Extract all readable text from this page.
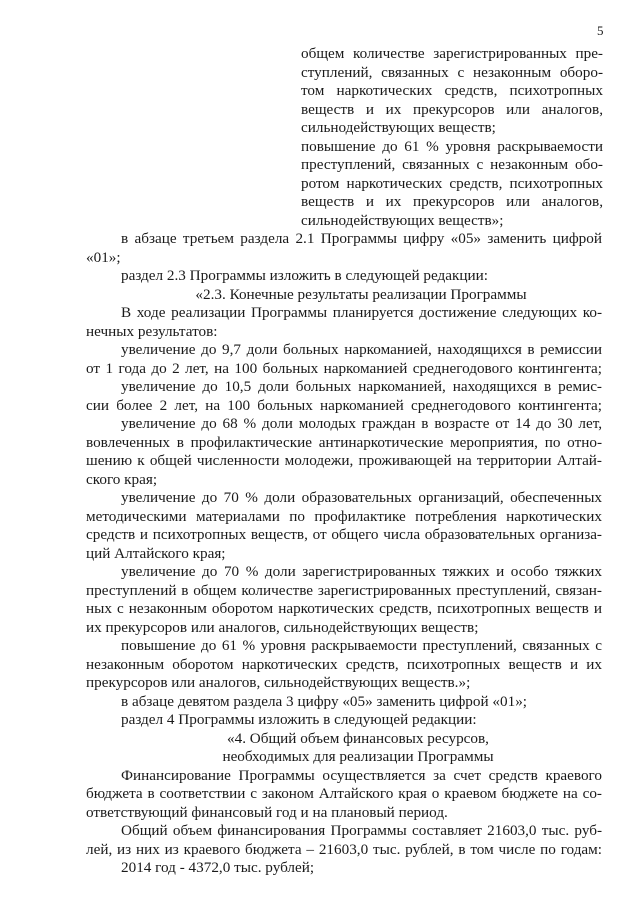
5
общем количестве зарегистрированных пре-
ступлений, связанных с незаконным оборо-
том наркотических средств, психотропных
веществ и их прекурсоров или аналогов,
сильнодействующих веществ;
повышение до 61 % уровня раскрываемости
преступлений, связанных с незаконным обо-
ротом наркотических средств, психотропных
веществ и их прекурсоров или аналогов,
сильнодействующих веществ»;
в абзаце третьем раздела 2.1 Программы цифру «05» заменить цифрой
«01»;
раздел 2.3 Программы изложить в следующей редакции:
«2.3. Конечные результаты реализации Программы
В ходе реализации Программы планируется достижение следующих ко-
нечных результатов:
увеличение до 9,7 доли больных наркоманией, находящихся в ремиссии
от 1 года до 2 лет, на 100 больных наркоманией среднегодового контингента;
увеличение до 10,5 доли больных наркоманией, находящихся в ремис-
сии более 2 лет, на 100 больных наркоманией среднегодового контингента;
увеличение до 68 % доли молодых граждан в возрасте от 14 до 30 лет,
вовлеченных в профилактические антинаркотические мероприятия, по отно-
шению к общей численности молодежи, проживающей на территории Алтай-
ского края;
увеличение до 70 % доли образовательных организаций, обеспеченных
методическими материалами по профилактике потребления наркотических
средств и психотропных веществ, от общего числа образовательных организа-
ций Алтайского края;
увеличение до 70 % доли зарегистрированных тяжких и особо тяжких
преступлений в общем количестве зарегистрированных преступлений, связан-
ных с незаконным оборотом наркотических средств, психотропных веществ и
их прекурсоров или аналогов, сильнодействующих веществ;
повышение до 61 % уровня раскрываемости преступлений, связанных с
незаконным оборотом наркотических средств, психотропных веществ и их
прекурсоров или аналогов, сильнодействующих веществ.»;
в абзаце девятом раздела 3 цифру «05» заменить цифрой «01»;
раздел 4 Программы изложить в следующей редакции:
«4. Общий объем финансовых ресурсов,
необходимых для реализации Программы
Финансирование Программы осуществляется за счет средств краевого
бюджета в соответствии с законом Алтайского края о краевом бюджете на со-
ответствующий финансовый год и на плановый период.
Общий объем финансирования Программы составляет 21603,0 тыс. руб-
лей, из них из краевого бюджета – 21603,0 тыс. рублей, в том числе по годам:
2014 год - 4372,0 тыс. рублей;
